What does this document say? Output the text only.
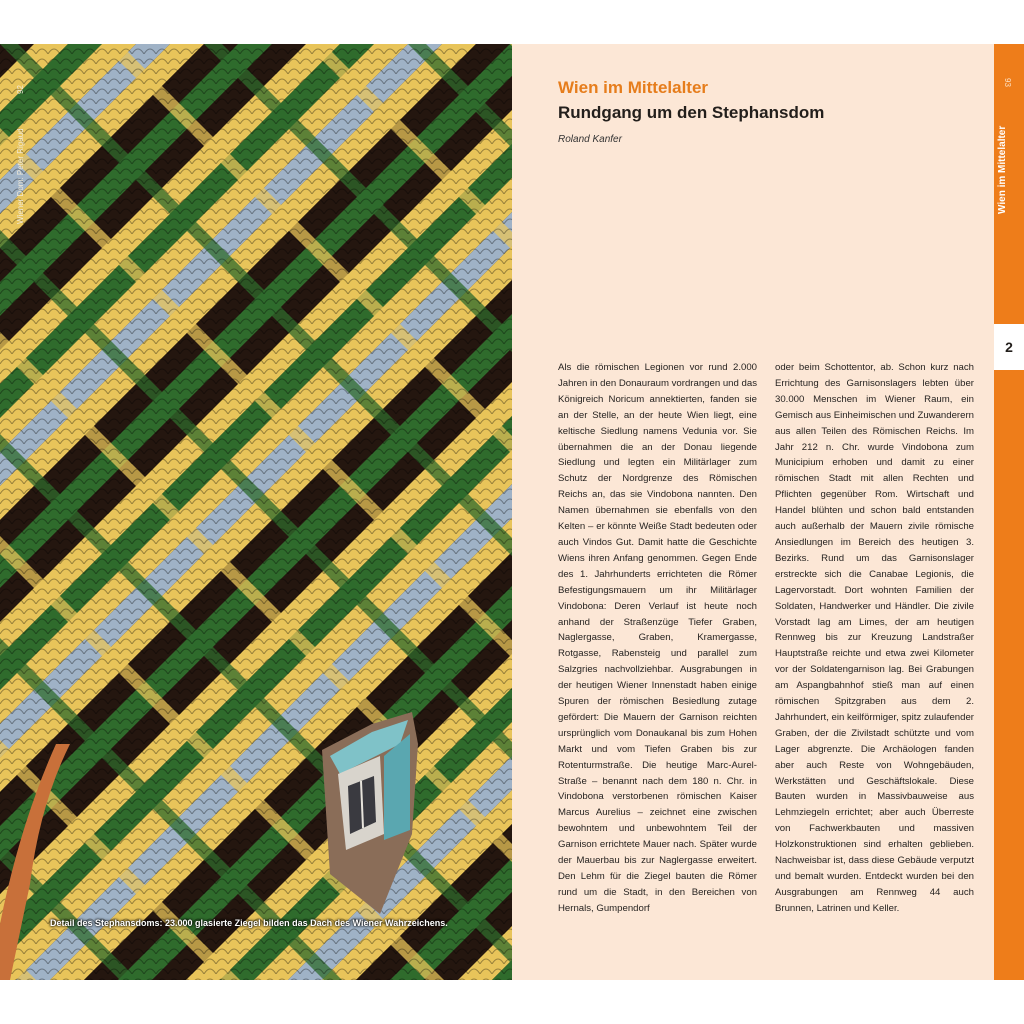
92
Wiener Dom: Peter Rigaud
Detail des Stephansdoms: 23.000 glasierte Ziegel bilden das Dach des Wiener Wahrzeichens.
Wien im Mittelalter
Rundgang um den Stephansdom
Roland Kanfer

Als die römischen Legionen vor rund 2.000 Jahren in den Donauraum vordrangen und das Königreich Noricum annektierten, fanden sie an der Stelle, an der heute Wien liegt, eine keltische Siedlung namens Vedunia vor. Sie übernahmen die an der Donau liegende Siedlung und legten ein Militärlager zum Schutz der Nordgrenze des Römischen Reichs an, das sie Vindobona nannten. Den Namen übernahmen sie ebenfalls von den Kelten – er könnte Weiße Stadt bedeuten oder auch Vindos Gut. Damit hatte die Geschichte Wiens ihren Anfang genommen. Gegen Ende des 1. Jahrhunderts errichteten die Römer Befestigungsmauern um ihr Militärlager Vindobona: Deren Verlauf ist heute noch anhand der Straßenzüge Tiefer Graben, Naglergasse, Graben, Kramergasse, Rotgasse, Rabensteig und parallel zum Salzgries nachvollziehbar. Ausgrabungen in der heutigen Wiener Innenstadt haben einige Spuren der römischen Besiedlung zutage gefördert: Die Mauern der Garnison reichten ursprünglich vom Donaukanal bis zum Hohen Markt und vom Tiefen Graben bis zur Rotenturmstraße. Die heutige Marc-Aurel-Straße – benannt nach dem 180 n. Chr. in Vindobona verstorbenen römischen Kaiser Marcus Aurelius – zeichnet eine zwischen bewohntem und unbewohntem Teil der Garnison errichtete Mauer nach. Später wurde der Mauerbau bis zur Naglergasse erweitert. Den Lehm für die Ziegel bauten die Römer rund um die Stadt, in den Bereichen von Hernals, Gumpendorf

oder beim Schottentor, ab. Schon kurz nach Errichtung des Garnisonslagers lebten über 30.000 Menschen im Wiener Raum, ein Gemisch aus Einheimischen und Zuwanderern aus allen Teilen des Römischen Reichs. Im Jahr 212 n. Chr. wurde Vindobona zum Municipium erhoben und damit zu einer römischen Stadt mit allen Rechten und Pflichten gegenüber Rom. Wirtschaft und Handel blühten und schon bald entstanden auch außerhalb der Mauern zivile römische Ansiedlungen im Bereich des heutigen 3. Bezirks. Rund um das Garnisonslager erstreckte sich die Canabae Legionis, die Lagervorstadt. Dort wohnten Familien der Soldaten, Handwerker und Händler. Die zivile Vorstadt lag am Limes, der am heutigen Rennweg bis zur Kreuzung Landstraßer Hauptstraße reichte und etwa zwei Kilometer vor der Soldatengarnison lag. Bei Grabungen am Aspangbahnhof stieß man auf einen römischen Spitzgraben aus dem 2. Jahrhundert, ein keilförmiger, spitz zulaufender Graben, der die Zivilstadt schützte und vom Lager abgrenzte. Die Archäologen fanden aber auch Reste von Wohngebäuden, Werkstätten und Geschäftslokale. Diese Bauten wurden in Massivbauweise aus Lehmziegeln errichtet; aber auch Überreste von Fachwerkbauten und massiven Holzkonstruktionen sind erhalten geblieben. Nachweisbar ist, dass diese Gebäude verputzt und bemalt wurden. Entdeckt wurden bei den Ausgrabungen am Rennweg 44 auch Brunnen, Latrinen und Keller.

93
Wien im Mittelalter
2
